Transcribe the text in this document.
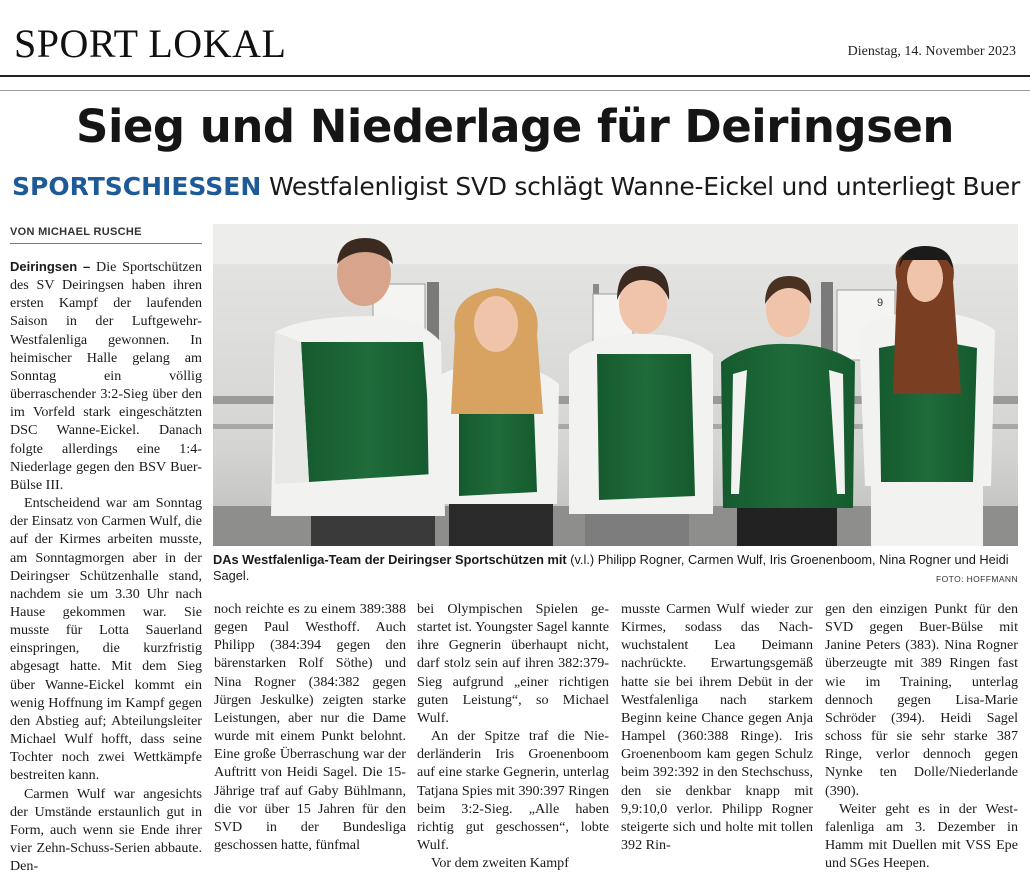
SPORT LOKAL	Dienstag, 14. November 2023
Sieg und Niederlage für Deiringsen
SPORTSCHIESSEN Westfalenligist SVD schlägt Wanne-Eickel und unterliegt Buer
VON MICHAEL RUSCHE

Deiringsen – Die Sportschützen des SV Deiringsen haben ihren ersten Kampf der laufenden Saison in der Luftgewehr-Westfalenliga gewonnen. In heimischer Halle gelang am Sonntag ein völlig überraschender 3:2-Sieg über den im Vorfeld stark eingeschätzten DSC Wanne-Eickel. Danach folgte allerdings eine 1:4-Niederlage gegen den BSV Buer-Bülse III.

Entscheidend war am Sonntag der Einsatz von Carmen Wulf, die auf der Kirmes arbeiten musste, am Sonntagmorgen aber in der Deiringser Schützenhalle stand, nachdem sie um 3.30 Uhr nach Hause gekommen war. Sie musste für Lotta Sauerland einspringen, die kurzfristig abgesagt hatte. Mit dem Sieg über Wanne-Eickel kommt ein wenig Hoffnung im Kampf gegen den Abstieg auf; Abteilungsleiter Michael Wulf hofft, dass seine Tochter noch zwei Wettkämpfe bestreiten kann.

Carmen Wulf war angesichts der Umstände erstaunlich gut in Form, auch wenn sie Ende ihrer vier Zehn-Schuss-Serien abbaute. Den-

9
DAs Westfalenliga-Team der Deiringser Sportschützen mit (v.l.) Philipp Rogner, Carmen Wulf, Iris Groenenboom, Nina Rogner und Heidi Sagel.	FOTO: HOFFMANN

noch reichte es zu einem 389:388 gegen Paul Westhoff. Auch Philipp (384:394 gegen den bärenstarken Rolf Söthe) und Nina Rogner (384:382 gegen Jürgen Jeskulke) zeigten starke Leistungen, aber nur die Dame wurde mit einem Punkt belohnt. Eine große Überraschung war der Auftritt von Heidi Sagel. Die 15-Jährige traf auf Gaby Bühlmann, die vor über 15 Jahren für den SVD in der Bundesliga geschossen hatte, fünfmal

bei Olympischen Spielen gestartet ist. Youngster Sagel kannte ihre Gegnerin überhaupt nicht, darf stolz sein auf ihren 382:379-Sieg aufgrund „einer richtigen guten Leistung“, so Michael Wulf.

An der Spitze traf die Niederländerin Iris Groenenboom auf eine starke Gegnerin, unterlag Tatjana Spies mit 390:397 Ringen beim 3:2-Sieg. „Alle haben richtig gut geschossen“, lobte Wulf.

Vor dem zweiten Kampf

musste Carmen Wulf wieder zur Kirmes, sodass das Nachwuchstalent Lea Deimann nachrückte. Erwartungsgemäß hatte sie bei ihrem Debüt in der Westfalenliga nach starkem Beginn keine Chance gegen Anja Hampel (360:388 Ringe). Iris Groenenboom kam gegen Schulz beim 392:392 in den Stechschuss, den sie denkbar knapp mit 9,9:10,0 verlor. Philipp Rogner steigerte sich und holte mit tollen 392 Rin-

gen den einzigen Punkt für den SVD gegen Buer-Bülse mit Janine Peters (383). Nina Rogner überzeugte mit 389 Ringen fast wie im Training, unterlag dennoch gegen Lisa-Marie Schröder (394). Heidi Sagel schoss für sie sehr starke 387 Ringe, verlor dennoch gegen Nynke ten Dolle/Niederlande (390).

Weiter geht es in der Westfalenliga am 3. Dezember in Hamm mit Duellen mit VSS Epe und SGes Heepen.
